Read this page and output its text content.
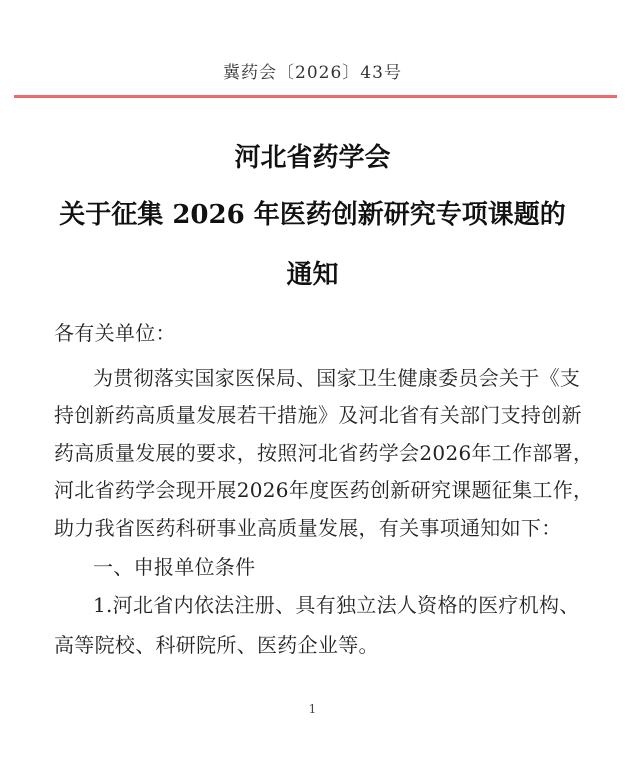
冀药会〔2026〕43号
河北省药学会
关于征集 2026 年医药创新研究专项课题的
通知
各有关单位：
为贯彻落实国家医保局、国家卫生健康委员会关于《支
持创新药高质量发展若干措施》及河北省有关部门支持创新
药高质量发展的要求，按照河北省药学会2026年工作部署，
河北省药学会现开展2026年度医药创新研究课题征集工作，
助力我省医药科研事业高质量发展，有关事项通知如下：
一、申报单位条件
1.河北省内依法注册、具有独立法人资格的医疗机构、
高等院校、科研院所、医药企业等。
1
